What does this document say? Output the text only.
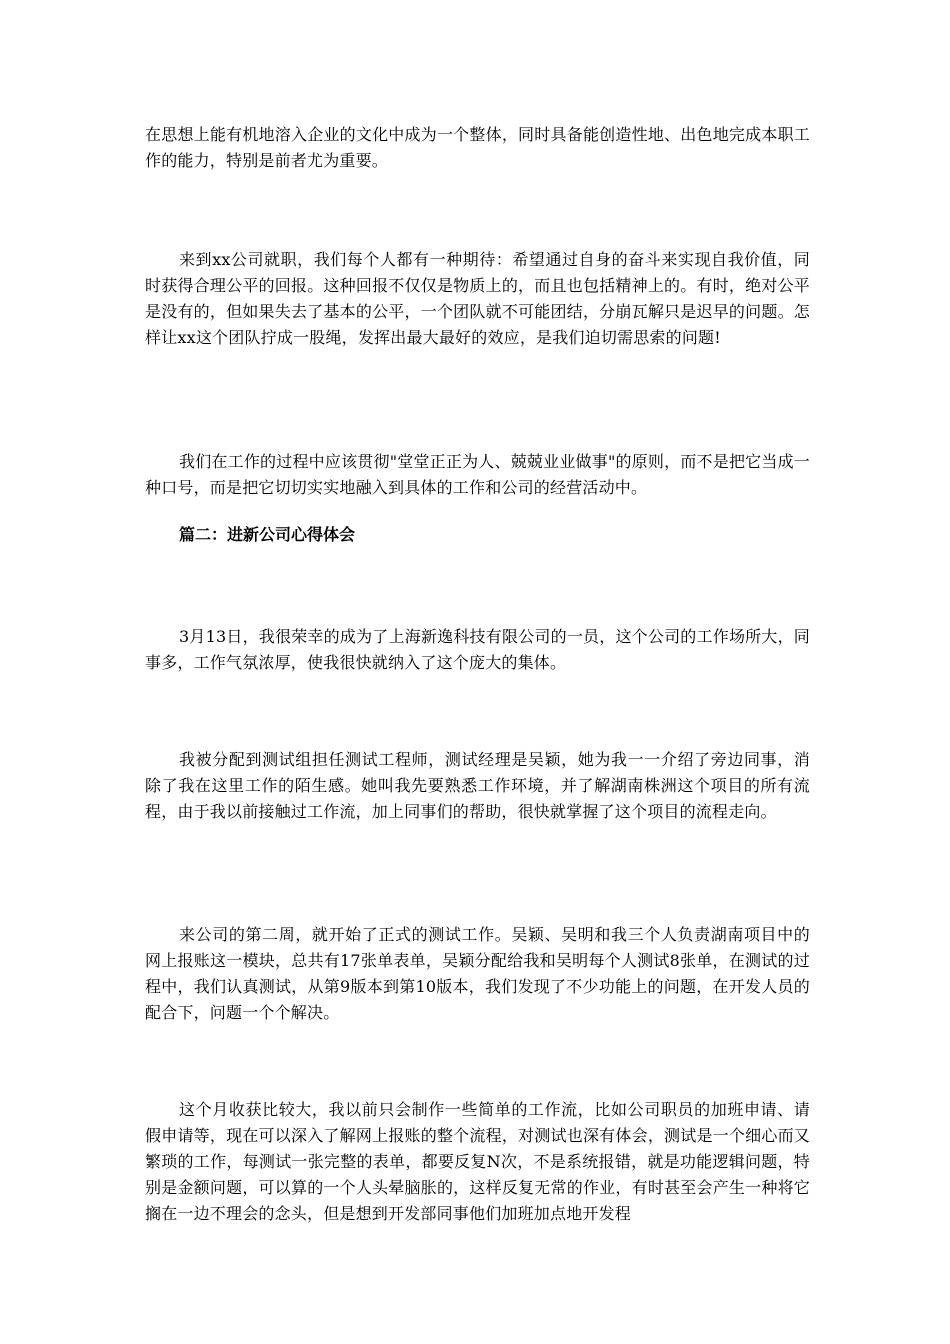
在思想上能有机地溶入企业的文化中成为一个整体，同时具备能创造性地、出色地完成本职工作的能力，特别是前者尤为重要。

来到xx公司就职，我们每个人都有一种期待：希望通过自身的奋斗来实现自我价值，同时获得合理公平的回报。这种回报不仅仅是物质上的，而且也包括精神上的。有时，绝对公平是没有的，但如果失去了基本的公平，一个团队就不可能团结，分崩瓦解只是迟早的问题。怎样让xx这个团队拧成一股绳，发挥出最大最好的效应，是我们迫切需思索的问题!

我们在工作的过程中应该贯彻"堂堂正正为人、兢兢业业做事"的原则，而不是把它当成一种口号，而是把它切切实实地融入到具体的工作和公司的经营活动中。

篇二：进新公司心得体会

3月13日，我很荣幸的成为了上海新逸科技有限公司的一员，这个公司的工作场所大，同事多，工作气氛浓厚，使我很快就纳入了这个庞大的集体。

我被分配到测试组担任测试工程师，测试经理是吴颖，她为我一一介绍了旁边同事，消除了我在这里工作的陌生感。她叫我先要熟悉工作环境，并了解湖南株洲这个项目的所有流程，由于我以前接触过工作流，加上同事们的帮助，很快就掌握了这个项目的流程走向。

来公司的第二周，就开始了正式的测试工作。吴颖、吴明和我三个人负责湖南项目中的网上报账这一模块，总共有17张单表单，吴颖分配给我和吴明每个人测试8张单，在测试的过程中，我们认真测试，从第9版本到第10版本，我们发现了不少功能上的问题，在开发人员的配合下，问题一个个解决。

这个月收获比较大，我以前只会制作一些简单的工作流，比如公司职员的加班申请、请假申请等，现在可以深入了解网上报账的整个流程，对测试也深有体会，测试是一个细心而又繁琐的工作，每测试一张完整的表单，都要反复N次，不是系统报错，就是功能逻辑问题，特别是金额问题，可以算的一个人头晕脑胀的，这样反复无常的作业，有时甚至会产生一种将它搁在一边不理会的念头，但是想到开发部同事他们加班加点地开发程
